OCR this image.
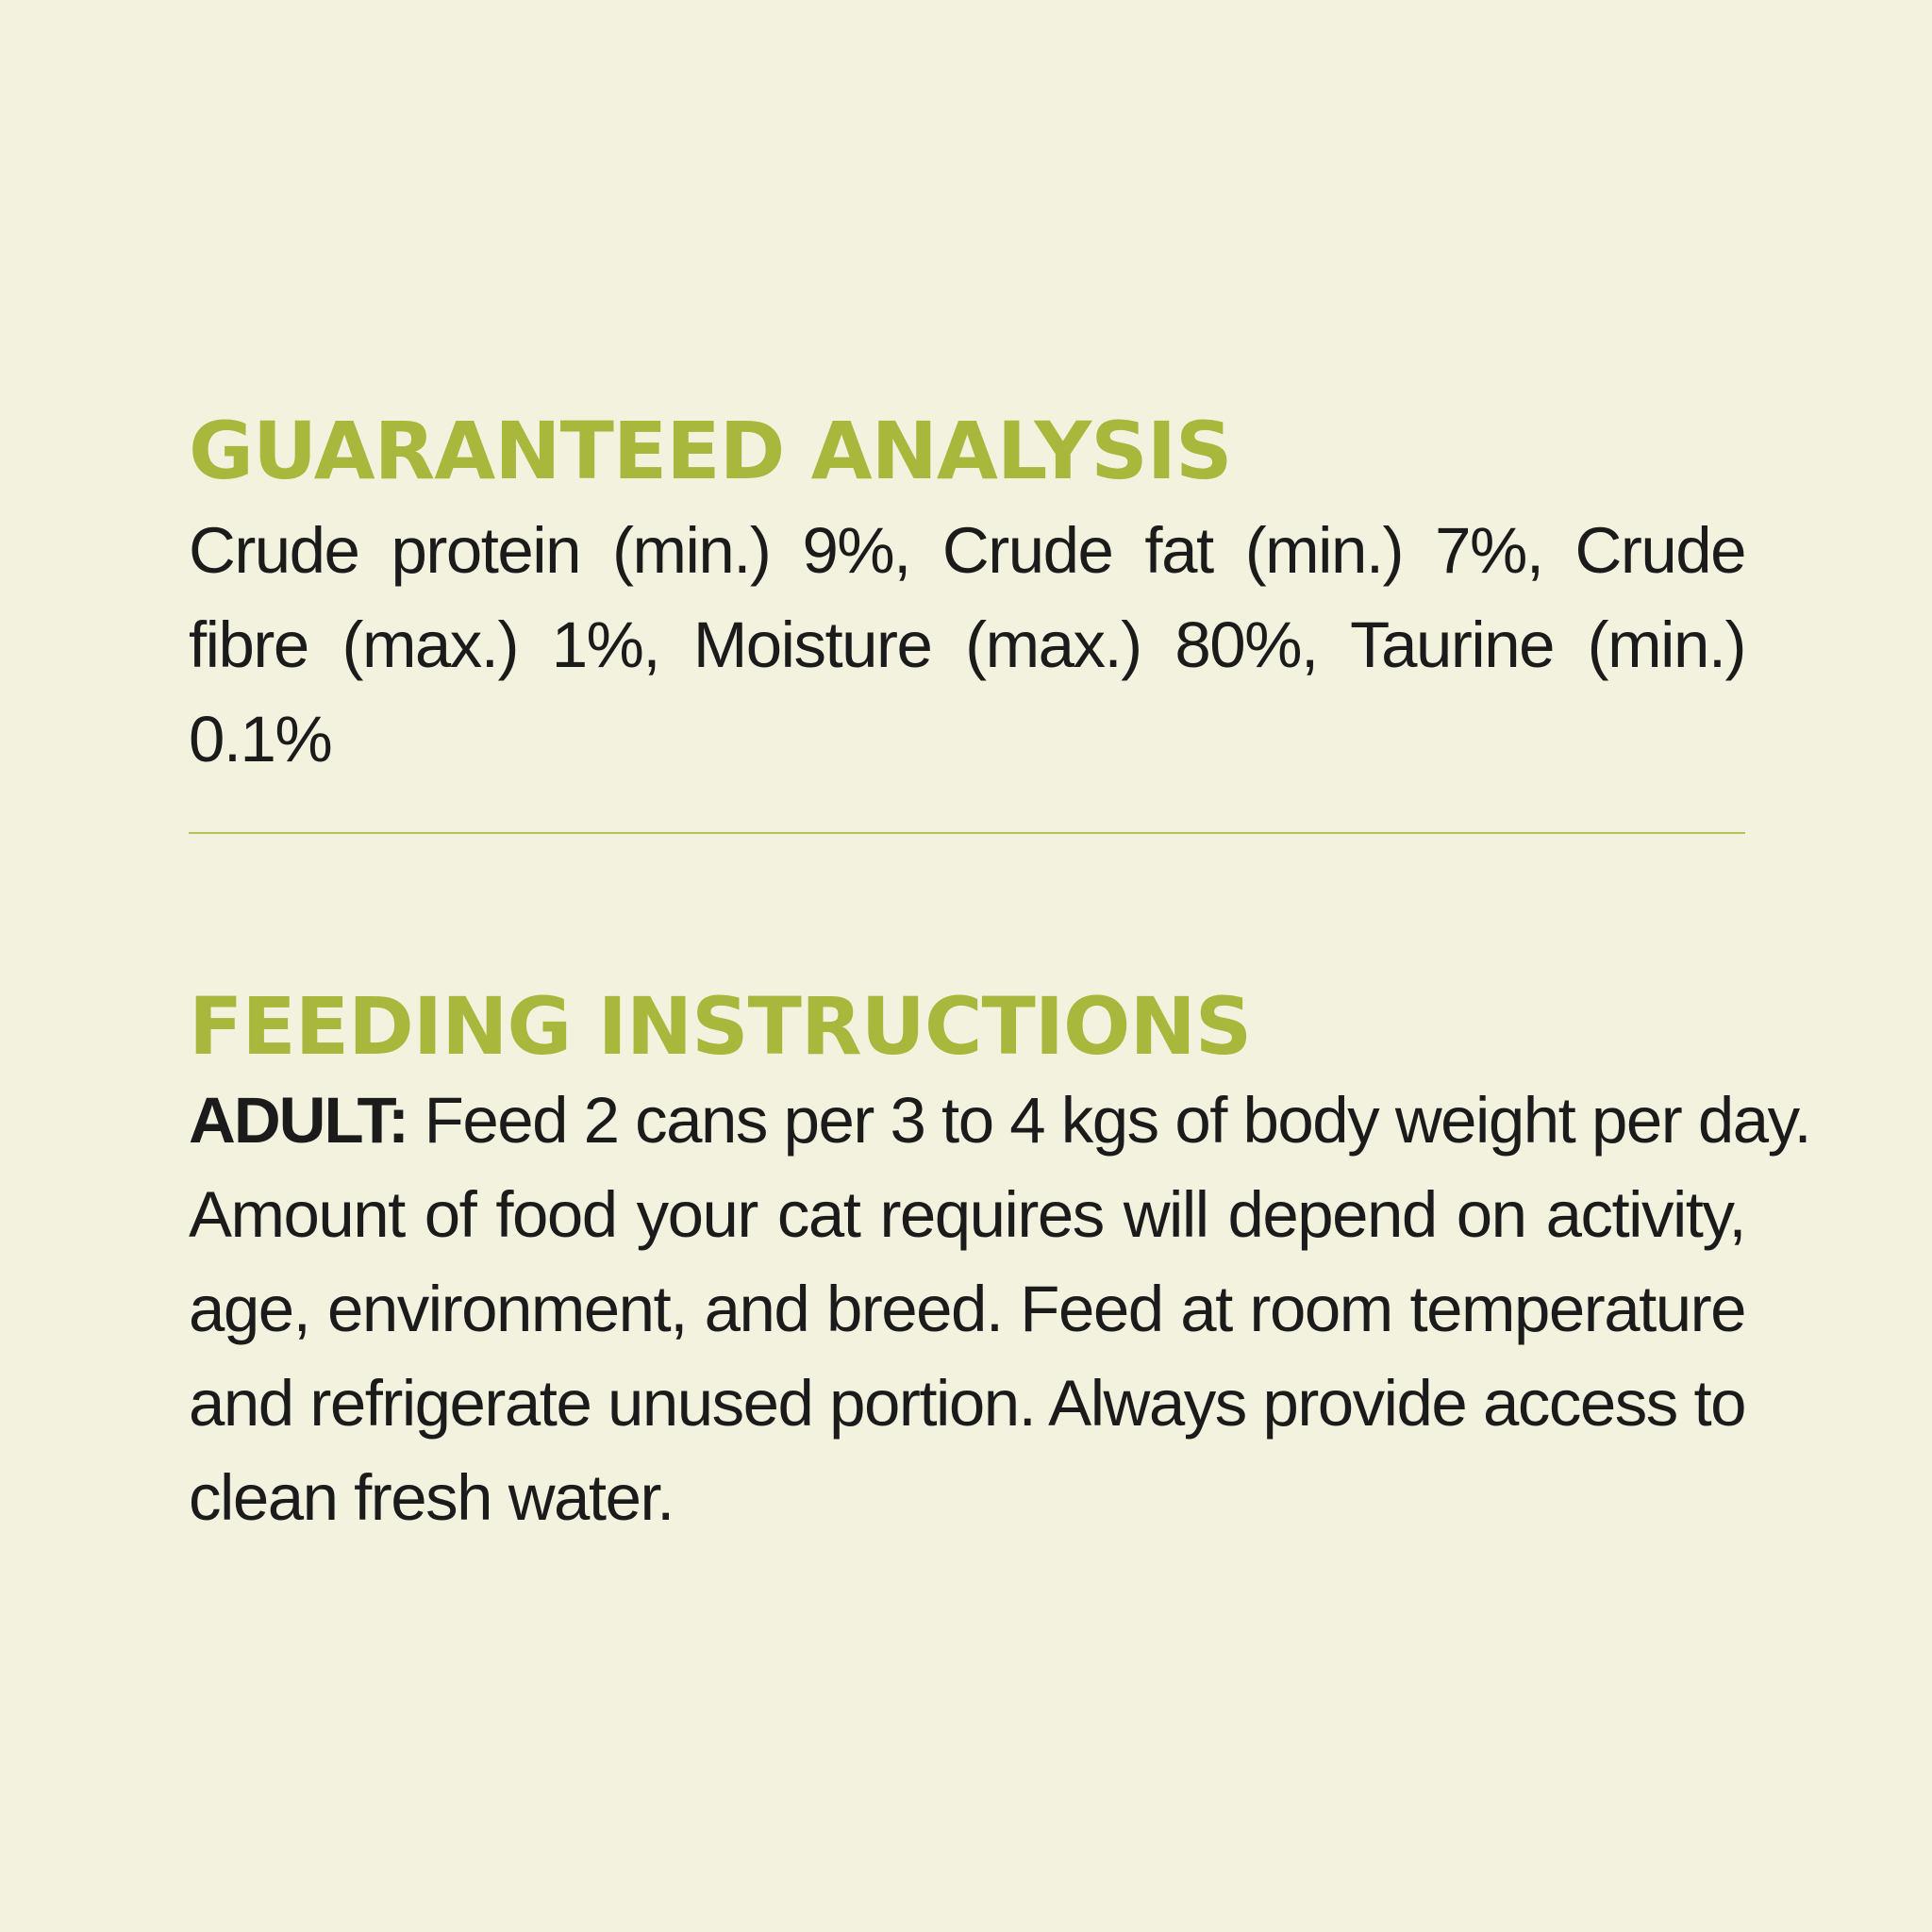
GUARANTEED ANALYSIS

Crude protein (min.) 9%, Crude fat (min.) 7%, Crude
fibre (max.) 1%, Moisture (max.) 80%, Taurine (min.) 0.1%

FEEDING INSTRUCTIONS

ADULT: Feed 2 cans per 3 to 4 kgs of body weight per day.
Amount of food your cat requires will depend on activity,
age, environment, and breed. Feed at room temperature
and refrigerate unused portion. Always provide access to
clean fresh water.
